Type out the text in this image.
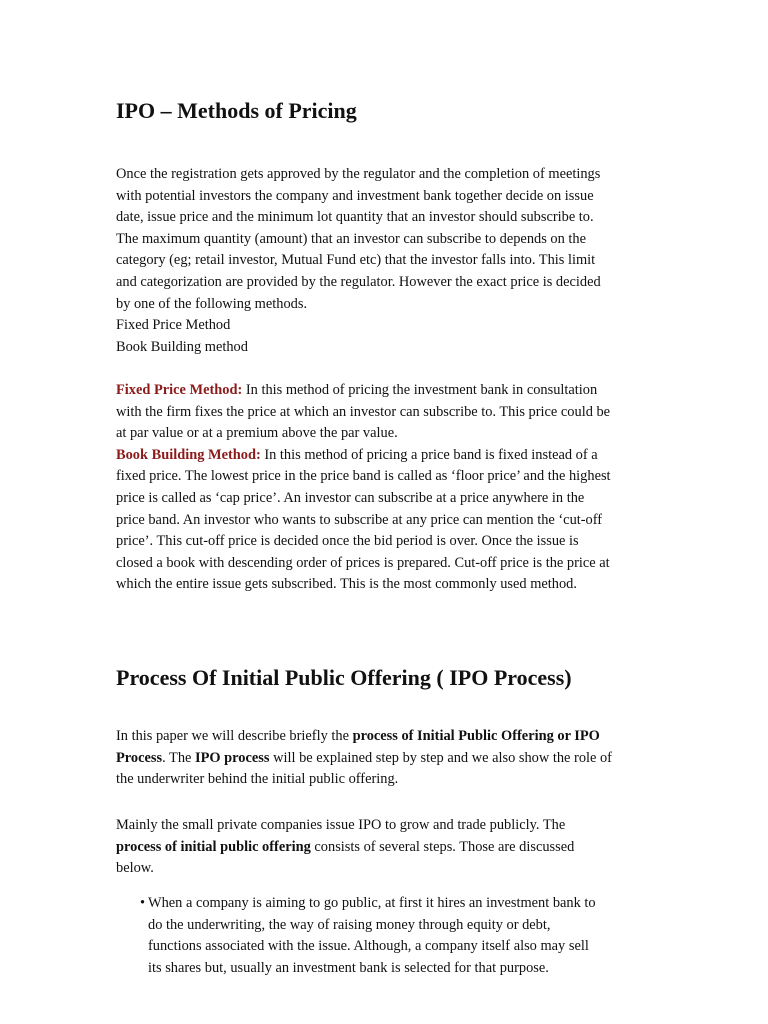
IPO – Methods of Pricing
Once the registration gets approved by the regulator and the completion of meetings
with potential investors the company and investment bank together decide on issue
date, issue price and the minimum lot quantity that an investor should subscribe to.
The maximum quantity (amount) that an investor can subscribe to depends on the
category (eg; retail investor, Mutual Fund etc) that the investor falls into. This limit
and categorization are provided by the regulator. However the exact price is decided
by one of the following methods.
Fixed Price Method
Book Building method
Fixed Price Method: In this method of pricing the investment bank in consultation
with the firm fixes the price at which an investor can subscribe to. This price could be
at par value or at a premium above the par value.
Book Building Method: In this method of pricing a price band is fixed instead of a
fixed price. The lowest price in the price band is called as ‘floor price’ and the highest
price is called as ‘cap price’. An investor can subscribe at a price anywhere in the
price band. An investor who wants to subscribe at any price can mention the ‘cut-off
price’. This cut-off price is decided once the bid period is over. Once the issue is
closed a book with descending order of prices is prepared. Cut-off price is the price at
which the entire issue gets subscribed. This is the most commonly used method.
Process Of Initial Public Offering ( IPO Process)
In this paper we will describe briefly the process of Initial Public Offering or IPO
Process. The IPO process will be explained step by step and we also show the role of
the underwriter behind the initial public offering.
Mainly the small private companies issue IPO to grow and trade publicly. The
process of initial public offering consists of several steps. Those are discussed
below.
•
When a company is aiming to go public, at first it hires an investment bank to
do the underwriting, the way of raising money through equity or debt,
functions associated with the issue. Although, a company itself also may sell
its shares but, usually an investment bank is selected for that purpose.
